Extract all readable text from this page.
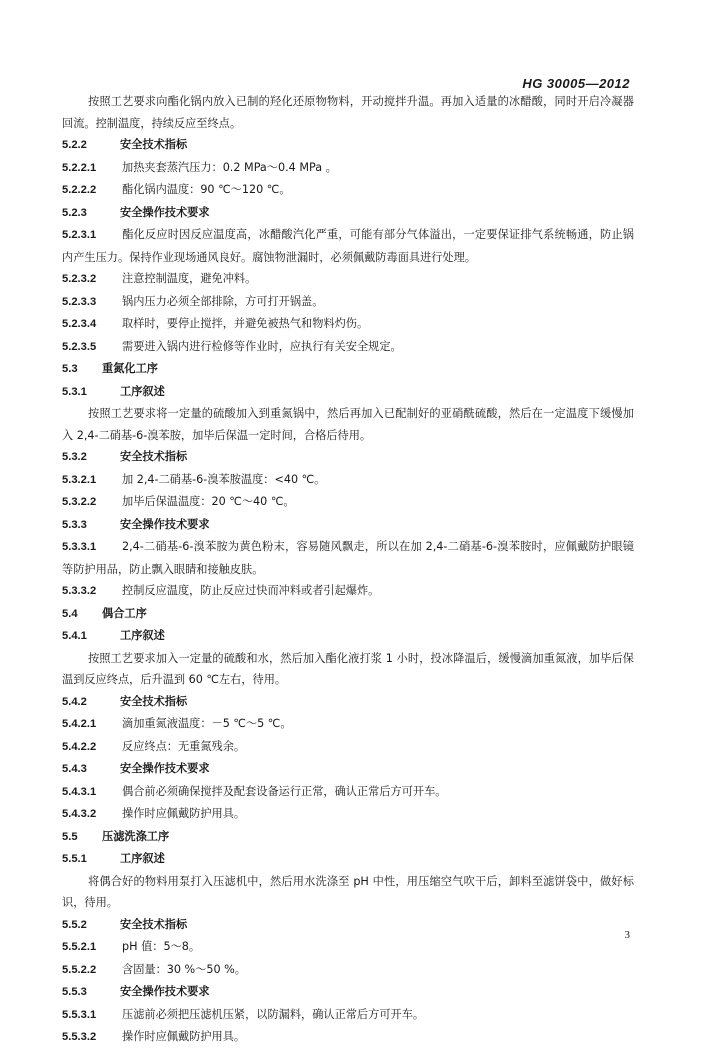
HG 30005—2012

按照工艺要求向酯化锅内放入已制的羟化还原物物料，开动搅拌升温。再加入适量的冰醋酸，同时开启冷凝器回流。控制温度，持续反应至终点。

5.2.2	安全技术指标
5.2.2.1 加热夹套蒸汽压力：0.2 MPa～0.4 MPa 。
5.2.2.2 酯化锅内温度：90 ℃～120 ℃。
5.2.3	安全操作技术要求
5.2.3.1 酯化反应时因反应温度高，冰醋酸汽化严重，可能有部分气体溢出，一定要保证排气系统畅通，防止锅内产生压力。保持作业现场通风良好。腐蚀物泄漏时，必须佩戴防毒面具进行处理。
5.2.3.2 注意控制温度，避免冲料。
5.2.3.3 锅内压力必须全部排除，方可打开锅盖。
5.2.3.4 取样时，要停止搅拌，并避免被热气和物料灼伤。
5.2.3.5 需要进入锅内进行检修等作业时，应执行有关安全规定。
5.3 重氮化工序
5.3.1	工序叙述

按照工艺要求将一定量的硫酸加入到重氮锅中，然后再加入已配制好的亚硝酰硫酸，然后在一定温度下缓慢加入 2,4-二硝基-6-溴苯胺，加毕后保温一定时间，合格后待用。

5.3.2	安全技术指标
5.3.2.1 加 2,4-二硝基-6-溴苯胺温度：<40 ℃。
5.3.2.2 加毕后保温温度：20 ℃～40 ℃。
5.3.3	安全操作技术要求
5.3.3.1 2,4-二硝基-6-溴苯胺为黄色粉末，容易随风飘走，所以在加 2,4-二硝基-6-溴苯胺时，应佩戴防护眼镜等防护用品，防止飘入眼睛和接触皮肤。
5.3.3.2 控制反应温度，防止反应过快而冲料或者引起爆炸。
5.4 偶合工序
5.4.1	工序叙述

按照工艺要求加入一定量的硫酸和水，然后加入酯化液打浆 1 小时，投冰降温后，缓慢滴加重氮液，加毕后保温到反应终点，后升温到 60 ℃左右，待用。

5.4.2	安全技术指标
5.4.2.1 滴加重氮液温度：－5 ℃～5 ℃。
5.4.2.2 反应终点：无重氮残余。
5.4.3	安全操作技术要求
5.4.3.1 偶合前必须确保搅拌及配套设备运行正常，确认正常后方可开车。
5.4.3.2 操作时应佩戴防护用具。
5.5 压滤洗涤工序
5.5.1	工序叙述

将偶合好的物料用泵打入压滤机中，然后用水洗涤至 pH 中性，用压缩空气吹干后，卸料至滤饼袋中，做好标识，待用。

5.5.2	安全技术指标
5.5.2.1 pH 值：5～8。
5.5.2.2 含固量：30 %～50 %。
5.5.3	安全操作技术要求
5.5.3.1 压滤前必须把压滤机压紧，以防漏料，确认正常后方可开车。
5.5.3.2 操作时应佩戴防护用具。
3
